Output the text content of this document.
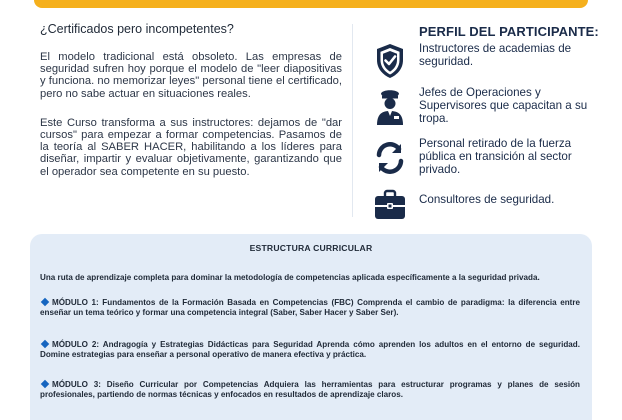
¿Certificados pero incompetentes?

El modelo tradicional está obsoleto. Las empresas de seguridad sufren hoy porque el modelo de "leer diapositivas y funciona. no memorizar leyes" personal tiene el certificado, pero no sabe actuar en situaciones reales.

Este Curso transforma a sus instructores: dejamos de "dar cursos" para empezar a formar competencias. Pasamos de la teoría al SABER HACER, habilitando a los líderes para diseñar, impartir y evaluar objetivamente, garantizando que el operador sea competente en su puesto.

PERFIL DEL PARTICIPANTE:
Instructores de academias de seguridad.
Jefes de Operaciones y Supervisores que capacitan a su tropa.
Personal retirado de la fuerza pública en transición al sector privado.
Consultores de seguridad.
ESTRUCTURA CURRICULAR
Una ruta de aprendizaje completa para dominar la metodología de competencias aplicada específicamente a la seguridad privada.
MÓDULO 1: Fundamentos de la Formación Basada en Competencias (FBC) Comprenda el cambio de paradigma: la diferencia entre enseñar un tema teórico y formar una competencia integral (Saber, Saber Hacer y Saber Ser).
MÓDULO 2: Andragogía y Estrategias Didácticas para Seguridad Aprenda cómo aprenden los adultos en el entorno de seguridad. Domine estrategias para enseñar a personal operativo de manera efectiva y práctica.
MÓDULO 3: Diseño Curricular por Competencias Adquiera las herramientas para estructurar programas y planes de sesión profesionales, partiendo de normas técnicas y enfocados en resultados de aprendizaje claros.
